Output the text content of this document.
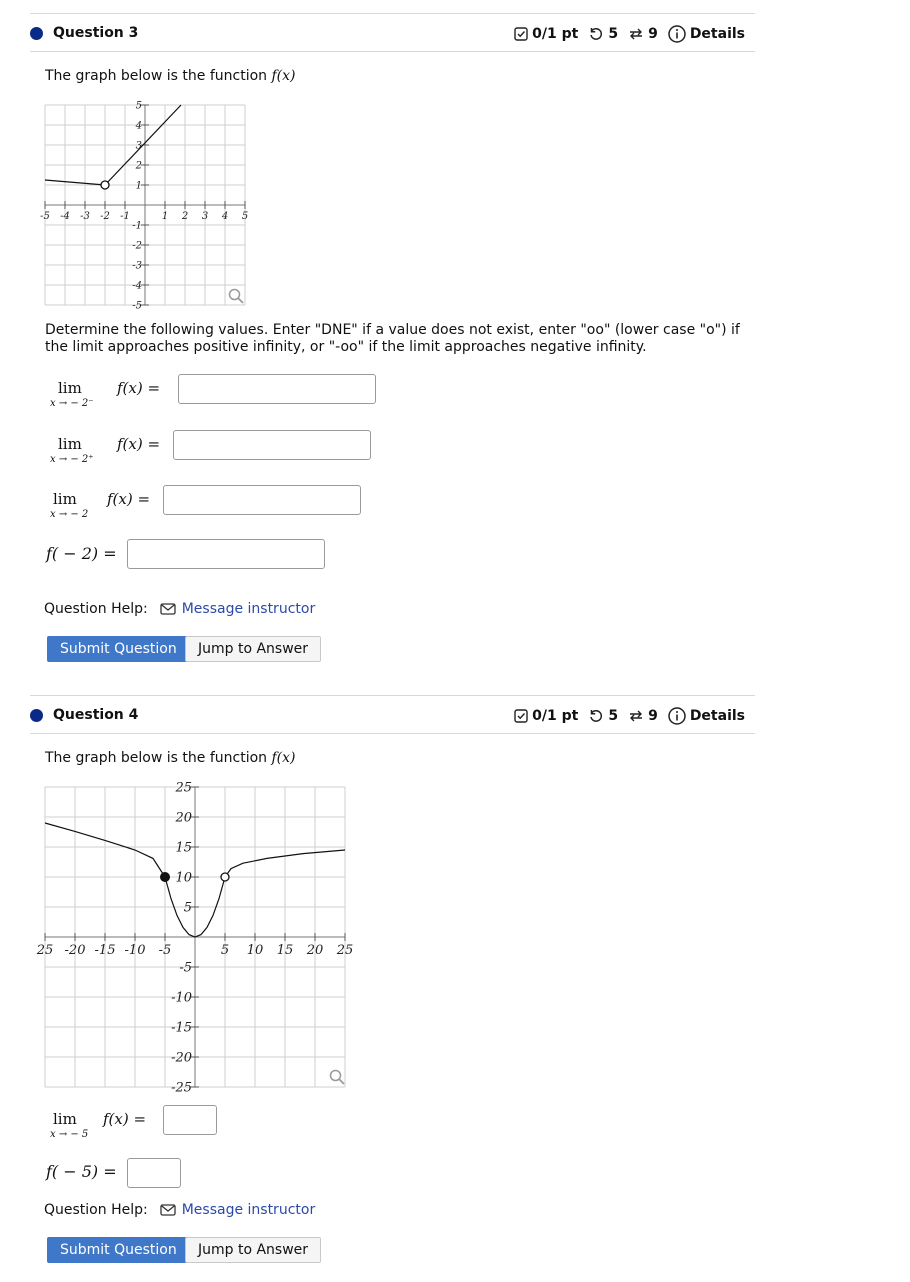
Question 3	0/1 pt 5 9 Details
The graph below is the function f(x)
-5 -4 -3 -2 -1	1 2 3 4 5
5
4
3
2
1
-1
-2
-3
-4
-5
Determine the following values. Enter "DNE" if a value does not exist, enter "oo" (lower case "o") if the limit approaches positive infinity, or "-oo" if the limit approaches negative infinity.
lim
x → − 2⁻
f(x) =
lim
x → − 2⁺
f(x) =
lim
x → − 2
f(x) =
f( − 2) =
Question Help: Message instructor
Submit Question	Jump to Answer
Question 4	0/1 pt 5 9 Details
The graph below is the function f(x)
25 -20 -15 -10 -5	5 10 15 20 25
25
20
15
10
5
-5
-10
-15
-20
-25
lim
x → − 5
f(x) =
f( − 5) =
Question Help: Message instructor
Submit Question	Jump to Answer
